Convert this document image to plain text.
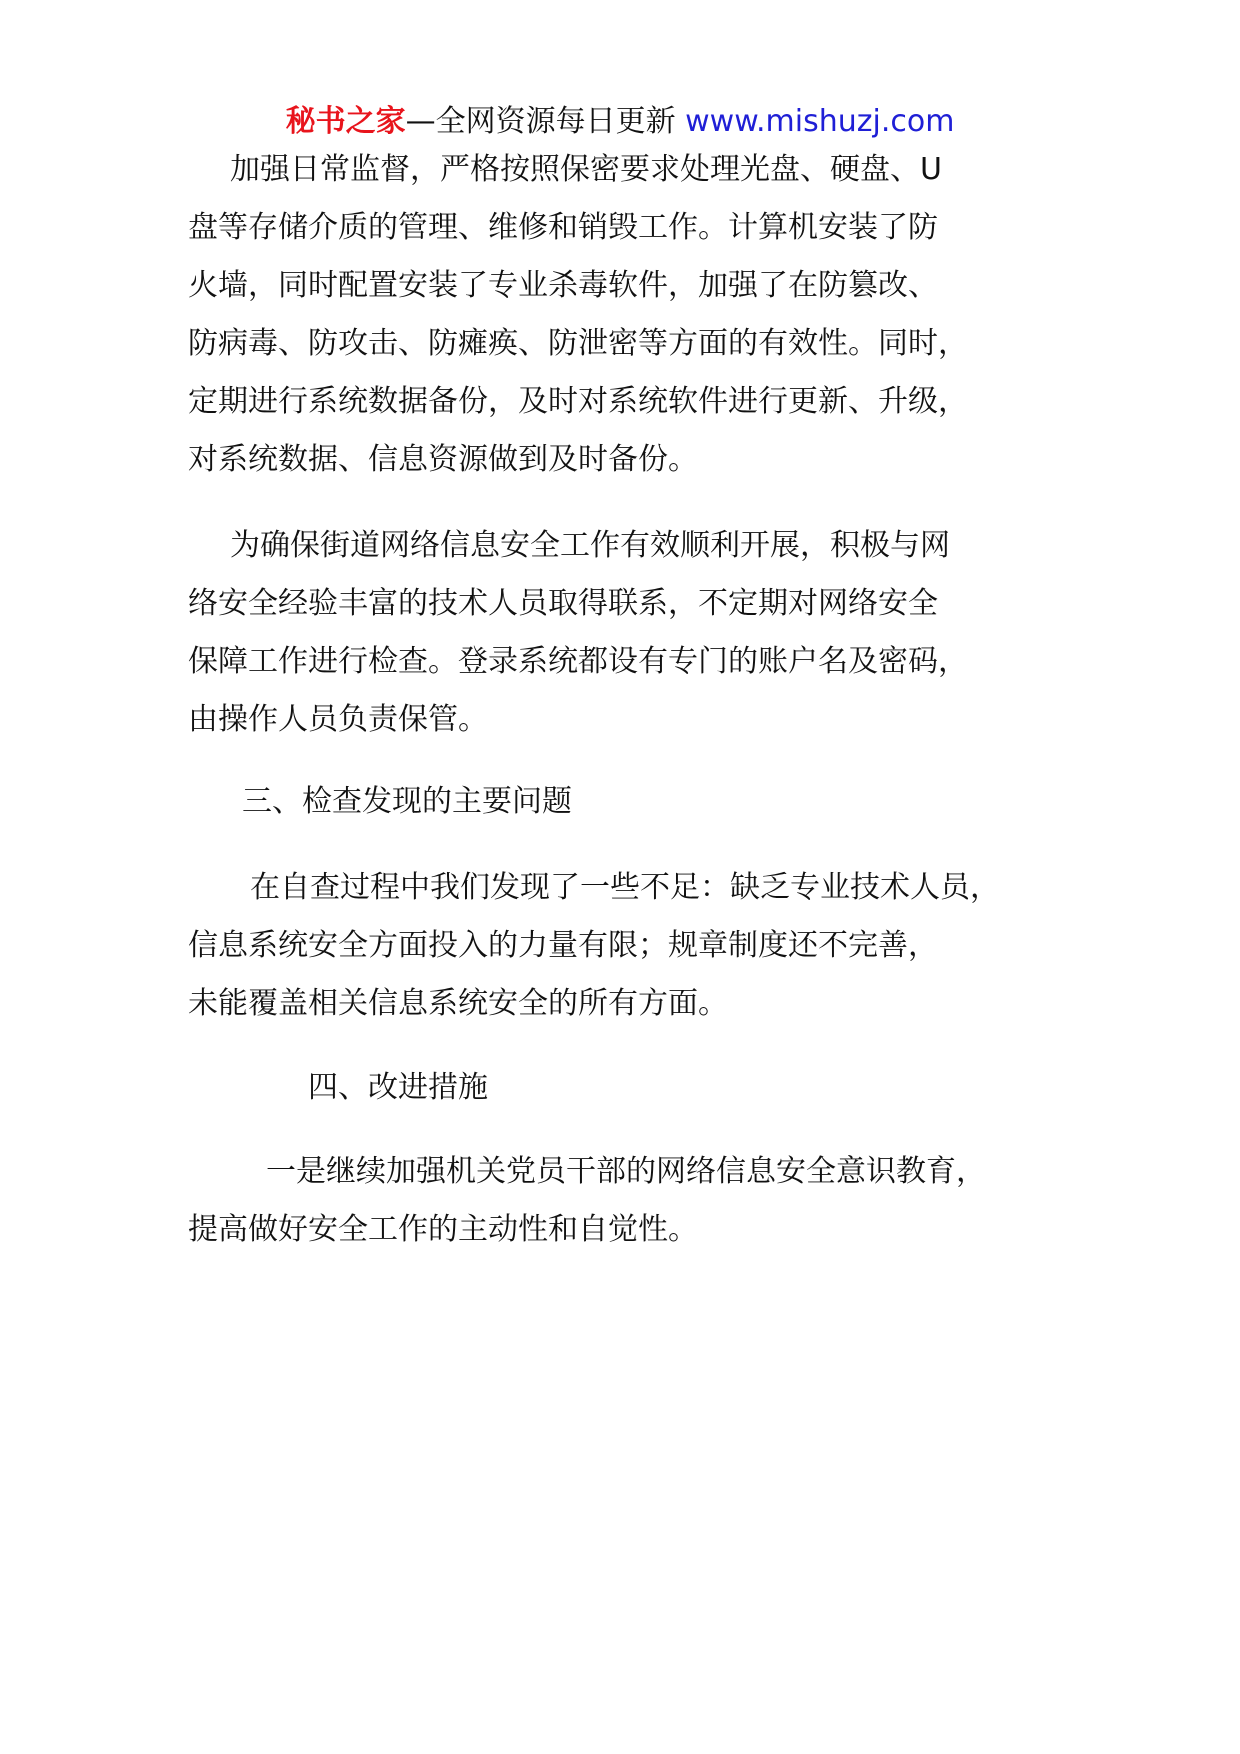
秘书之家—全网资源每日更新 www.mishuzj.com
加强日常监督，严格按照保密要求处理光盘、硬盘、U
盘等存储介质的管理、维修和销毁工作。计算机安装了防
火墙，同时配置安装了专业杀毒软件，加强了在防篡改、
防病毒、防攻击、防瘫痪、防泄密等方面的有效性。同时，
定期进行系统数据备份，及时对系统软件进行更新、升级，
对系统数据、信息资源做到及时备份。
为确保街道网络信息安全工作有效顺利开展，积极与网
络安全经验丰富的技术人员取得联系，不定期对网络安全
保障工作进行检查。登录系统都设有专门的账户名及密码，
由操作人员负责保管。
三、检查发现的主要问题
在自查过程中我们发现了一些不足：缺乏专业技术人员，
信息系统安全方面投入的力量有限；规章制度还不完善，
未能覆盖相关信息系统安全的所有方面。
四、改进措施
一是继续加强机关党员干部的网络信息安全意识教育，
提高做好安全工作的主动性和自觉性。
